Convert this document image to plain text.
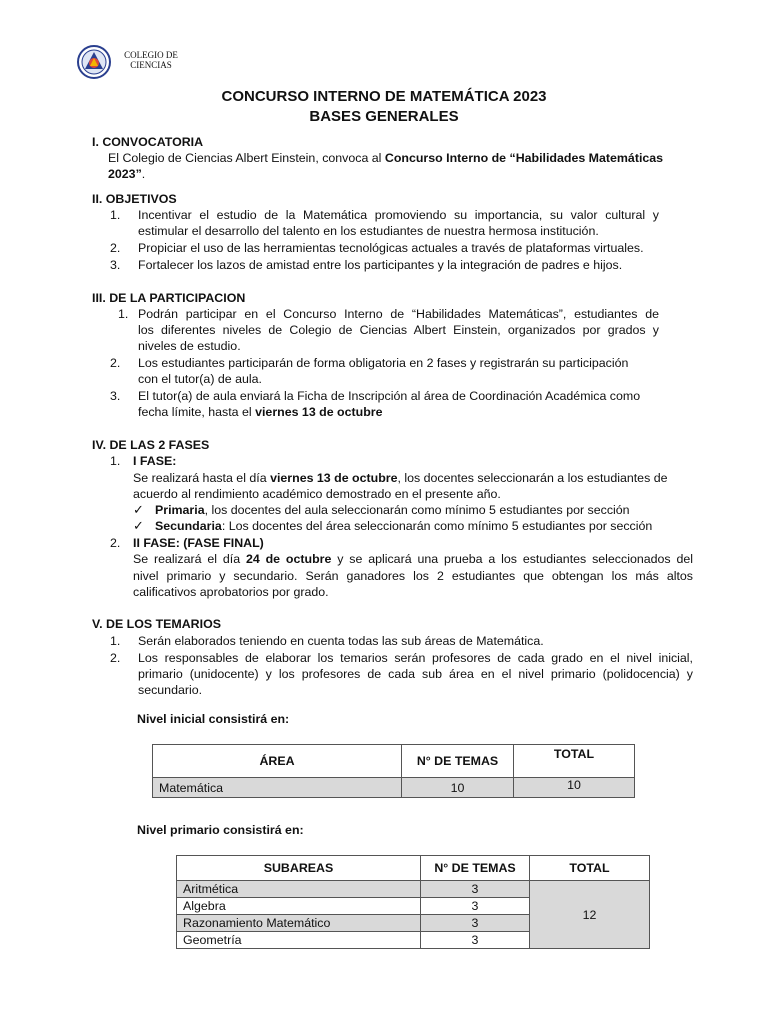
COLEGIO DE
CIENCIAS
CONCURSO INTERNO DE MATEMÁTICA 2023
BASES GENERALES
I. CONVOCATORIA
El Colegio de Ciencias Albert Einstein, convoca al Concurso Interno de “Habilidades Matemáticas
2023”.
II. OBJETIVOS
1. Incentivar el estudio de la Matemática promoviendo su importancia, su valor cultural y
estimular el desarrollo del talento en los estudiantes de nuestra hermosa institución.
2. Propiciar el uso de las herramientas tecnológicas actuales a través de plataformas virtuales.
3. Fortalecer los lazos de amistad entre los participantes y la integración de padres e hijos.
III. DE LA PARTICIPACION
1. Podrán participar en el Concurso Interno de “Habilidades Matemáticas”, estudiantes de
los diferentes niveles de Colegio de Ciencias Albert Einstein, organizados por grados y
niveles de estudio.
2. Los estudiantes participarán de forma obligatoria en 2 fases y registrarán su participación
con el tutor(a) de aula.
3. El tutor(a) de aula enviará la Ficha de Inscripción al área de Coordinación Académica como
fecha límite, hasta el viernes 13 de octubre
IV. DE LAS 2 FASES
1. I FASE:
Se realizará hasta el día viernes 13 de octubre, los docentes seleccionarán a los estudiantes de
acuerdo al rendimiento académico demostrado en el presente año.
✓ Primaria, los docentes del aula seleccionarán como mínimo 5 estudiantes por sección
✓ Secundaria: Los docentes del área seleccionarán como mínimo 5 estudiantes por sección
2. II FASE: (FASE FINAL)
Se realizará el día 24 de octubre y se aplicará una prueba a los estudiantes seleccionados del
nivel primario y secundario. Serán ganadores los 2 estudiantes que obtengan los más altos
calificativos aprobatorios por grado.
V. DE LOS TEMARIOS
1. Serán elaborados teniendo en cuenta todas las sub áreas de Matemática.
2. Los responsables de elaborar los temarios serán profesores de cada grado en el nivel inicial,
primario (unidocente) y los profesores de cada sub área en el nivel primario (polidocencia) y
secundario.
Nivel inicial consistirá en:
ÁREA	N° DE TEMAS	TOTAL
Matemática	10	10
Nivel primario consistirá en:
SUBAREAS	N° DE TEMAS	TOTAL
Aritmética	3	12
Algebra	3	
Razonamiento Matemático	3	
Geometría	3	
